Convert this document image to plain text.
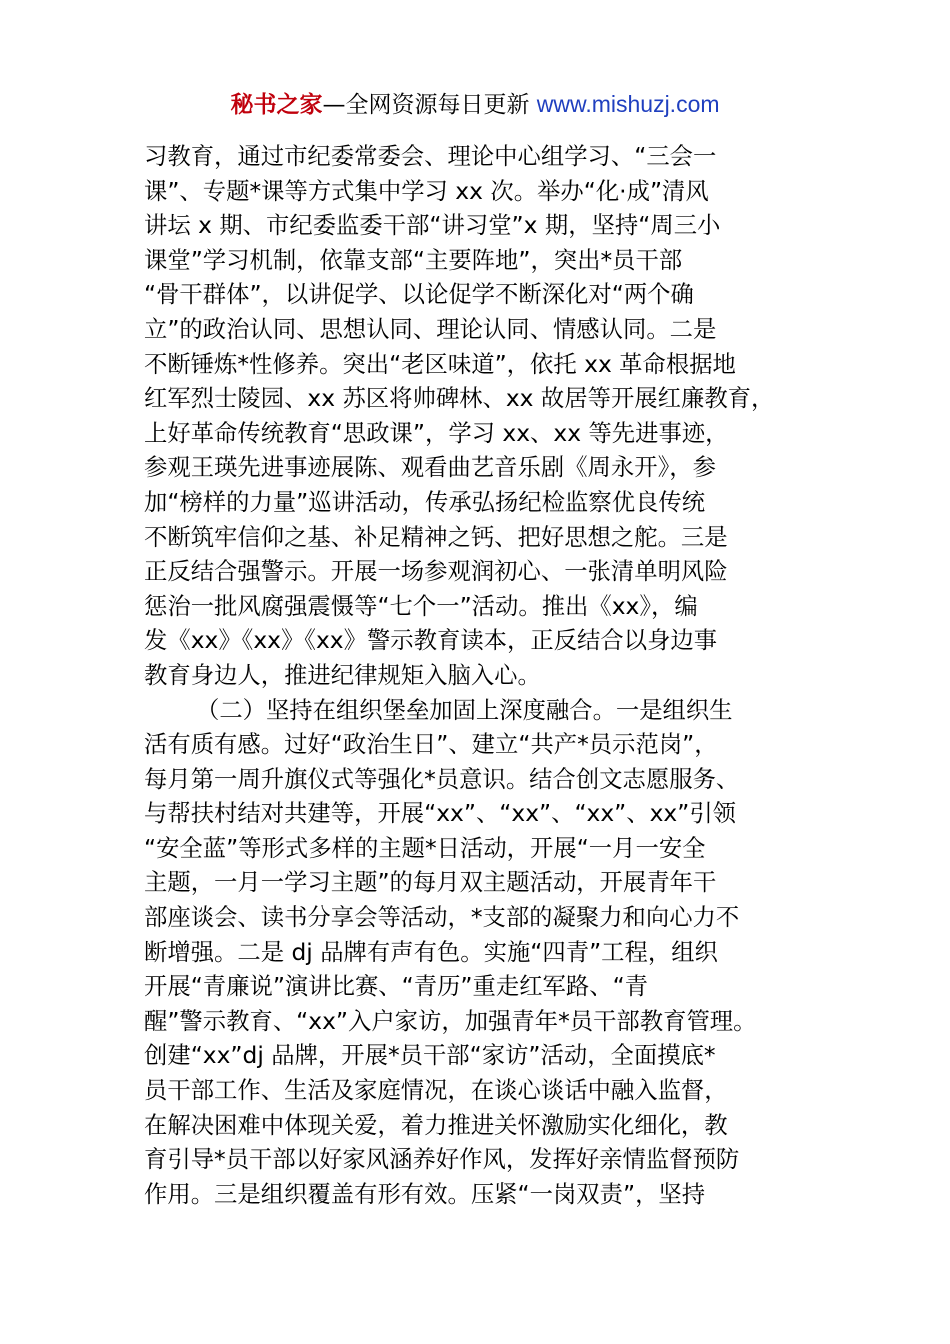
秘书之家—全网资源每日更新 www.mishuzj.com
习教育，通过市纪委常委会、理论中心组学习、“三会一
课”、专题*课等方式集中学习 xx 次。举办“化·成”清风
讲坛 x 期、市纪委监委干部“讲习堂”x 期，坚持“周三小
课堂”学习机制，依靠支部“主要阵地”，突出*员干部
“骨干群体”，以讲促学、以论促学不断深化对“两个确
立”的政治认同、思想认同、理论认同、情感认同。二是
不断锤炼*性修养。突出“老区味道”，依托 xx 革命根据地
红军烈士陵园、xx 苏区将帅碑林、xx 故居等开展红廉教育，
上好革命传统教育“思政课”，学习 xx、xx 等先进事迹，
参观王瑛先进事迹展陈、观看曲艺音乐剧《周永开》，参
加“榜样的力量”巡讲活动，传承弘扬纪检监察优良传统
不断筑牢信仰之基、补足精神之钙、把好思想之舵。三是
正反结合强警示。开展一场参观润初心、一张清单明风险
惩治一批风腐强震慑等“七个一”活动。推出《xx》，编
发《xx》《xx》《xx》警示教育读本，正反结合以身边事
教育身边人，推进纪律规矩入脑入心。
（二）坚持在组织堡垒加固上深度融合。一是组织生
活有质有感。过好“政治生日”、建立“共产*员示范岗”，
每月第一周升旗仪式等强化*员意识。结合创文志愿服务、
与帮扶村结对共建等，开展“xx”、“xx”、“xx”、xx”引领
“安全蓝”等形式多样的主题*日活动，开展“一月一安全
主题，一月一学习主题”的每月双主题活动，开展青年干
部座谈会、读书分享会等活动，*支部的凝聚力和向心力不
断增强。二是 dj 品牌有声有色。实施“四青”工程，组织
开展“青廉说”演讲比赛、“青历”重走红军路、“青
醒”警示教育、“xx”入户家访，加强青年*员干部教育管理。
创建“xx”dj 品牌，开展*员干部“家访”活动，全面摸底*
员干部工作、生活及家庭情况，在谈心谈话中融入监督，
在解决困难中体现关爱，着力推进关怀激励实化细化，教
育引导*员干部以好家风涵养好作风，发挥好亲情监督预防
作用。三是组织覆盖有形有效。压紧“一岗双责”，坚持
